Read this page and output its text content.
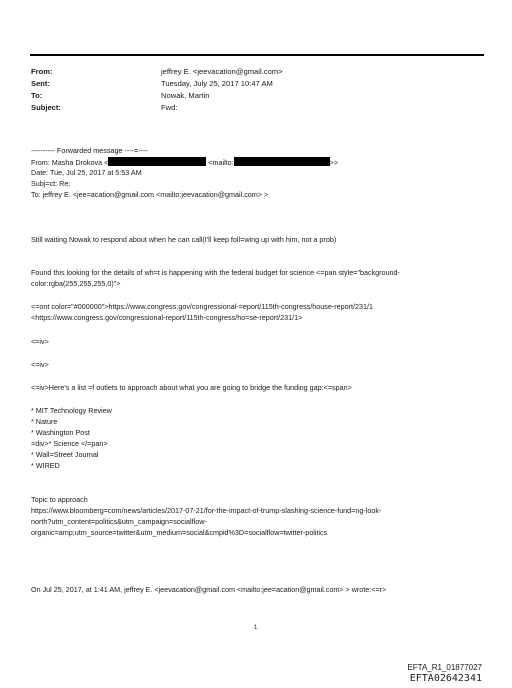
From:	jeffrey E. <jeevacation@gmail.com>
Sent:	Tuesday, July 25, 2017 10:47 AM
To:	Nowak, Martin
Subject:	Fwd:
---------- Forwarded message ----=----
From: Masha Drokova <	<mailto:	>>
Date: Tue, Jul 25, 2017 at 5:53 AM
Subj=ct: Re:
To: jeffrey E. <jee=acation@gmail.com <mailto:jeevacation@gmail.com> >
Still waiting Nowak to respond about when he can call(I'll keep foll=wing up with him, not a prob)
Found this looking for the details of wh=t is happening with the federal budget for science <=pan style="background-
color:rgba(255,255,255,0)">
<=ont color="#000000">https://www.congress.gov/congressional-=eport/115th-congress/house-report/231/1
<https://www.congress.gov/congressional-report/115th-congress/ho=se-report/231/1>
<=iv>
<=iv>
<=iv>Here's a list =f outlets to approach about what you are going to bridge the funding gap:<=span>
* MIT Technology Review
* Nature
* Washington Post
=div>* Science </=pan>
* Wall=Street Journal
* WIRED
Topic to approach
https://www.bloomberg=com/news/articles/2017-07-21/for-the-impact-of-trump-slashing-science-fund=ng-look-
north?utm_content=politics&utm_campaign=socialflow-
organic=amp;utm_source=twitter&utm_medium=social&cmpid%3D=socialflow=twitter-politics
On Jul 25, 2017, at 1:41 AM, jeffrey E. <jeevacation@gmail.com <mailto:jee=acation@gmail.com> > wrote:<=r>
1
EFTA_R1_01877027
EFTA02642341
